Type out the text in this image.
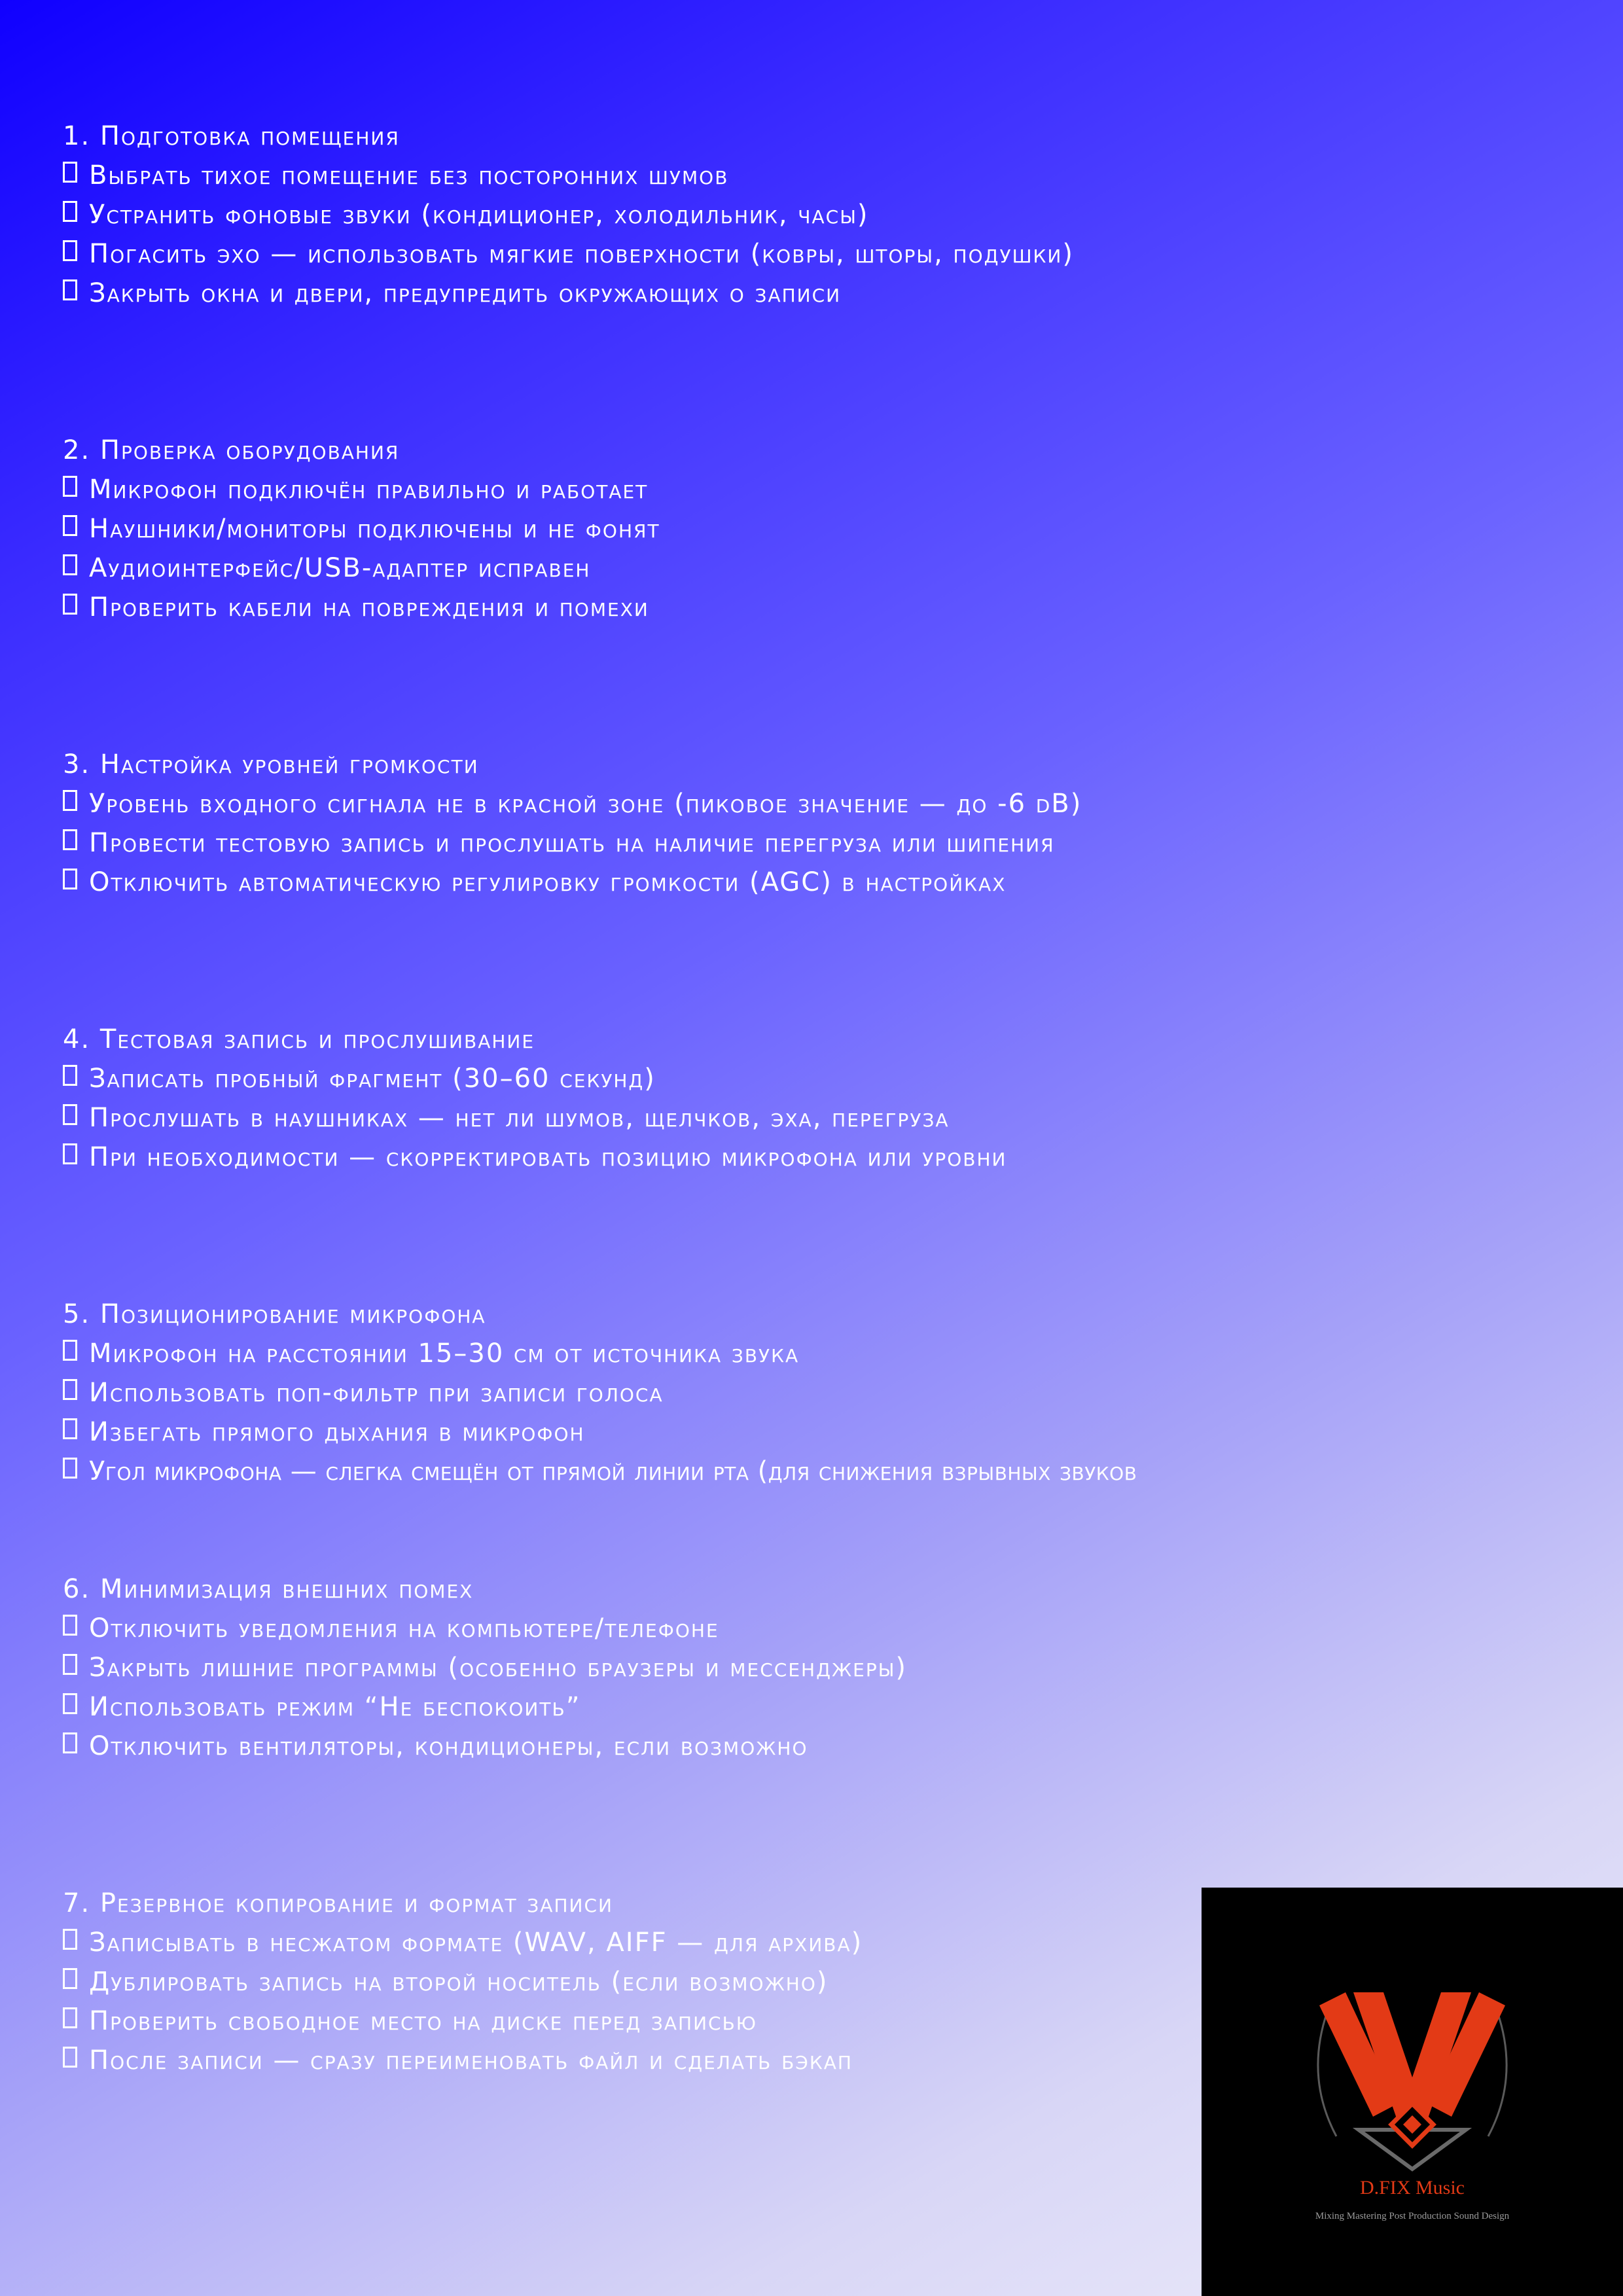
1. Подготовка помещения
Выбрать тихое помещение без посторонних шумов
Устранить фоновые звуки (кондиционер, холодильник, часы)
Погасить эхо — использовать мягкие поверхности (ковры, шторы, подушки)
Закрыть окна и двери, предупредить окружающих о записи
2. Проверка оборудования
Микрофон подключён правильно и работает
Наушники/мониторы подключены и не фонят
Аудиоинтерфейс/USB-адаптер исправен
Проверить кабели на повреждения и помехи
3. Настройка уровней громкости
Уровень входного сигнала не в красной зоне (пиковое значение — до -6 dB)
Провести тестовую запись и прослушать на наличие перегруза или шипения
Отключить автоматическую регулировку громкости (AGC) в настройках
4. Тестовая запись и прослушивание
Записать пробный фрагмент (30–60 секунд)
Прослушать в наушниках — нет ли шумов, щелчков, эха, перегруза
При необходимости — скорректировать позицию микрофона или уровни
5. Позиционирование микрофона
Микрофон на расстоянии 15–30 см от источника звука
Использовать поп-фильтр при записи голоса
Избегать прямого дыхания в микрофон
Угол микрофона — слегка смещён от прямой линии рта (для снижения взрывных звуков
6. Минимизация внешних помех
Отключить уведомления на компьютере/телефоне
Закрыть лишние программы (особенно браузеры и мессенджеры)
Использовать режим “Не беспокоить”
Отключить вентиляторы, кондиционеры, если возможно
7. Резервное копирование и формат записи
Записывать в несжатом формате (WAV, AIFF — для архива)
Дублировать запись на второй носитель (если возможно)
Проверить свободное место на диске перед записью
После записи — сразу переименовать файл и сделать бэкап
D.FIX Music
Mixing Mastering Post Production Sound Design
